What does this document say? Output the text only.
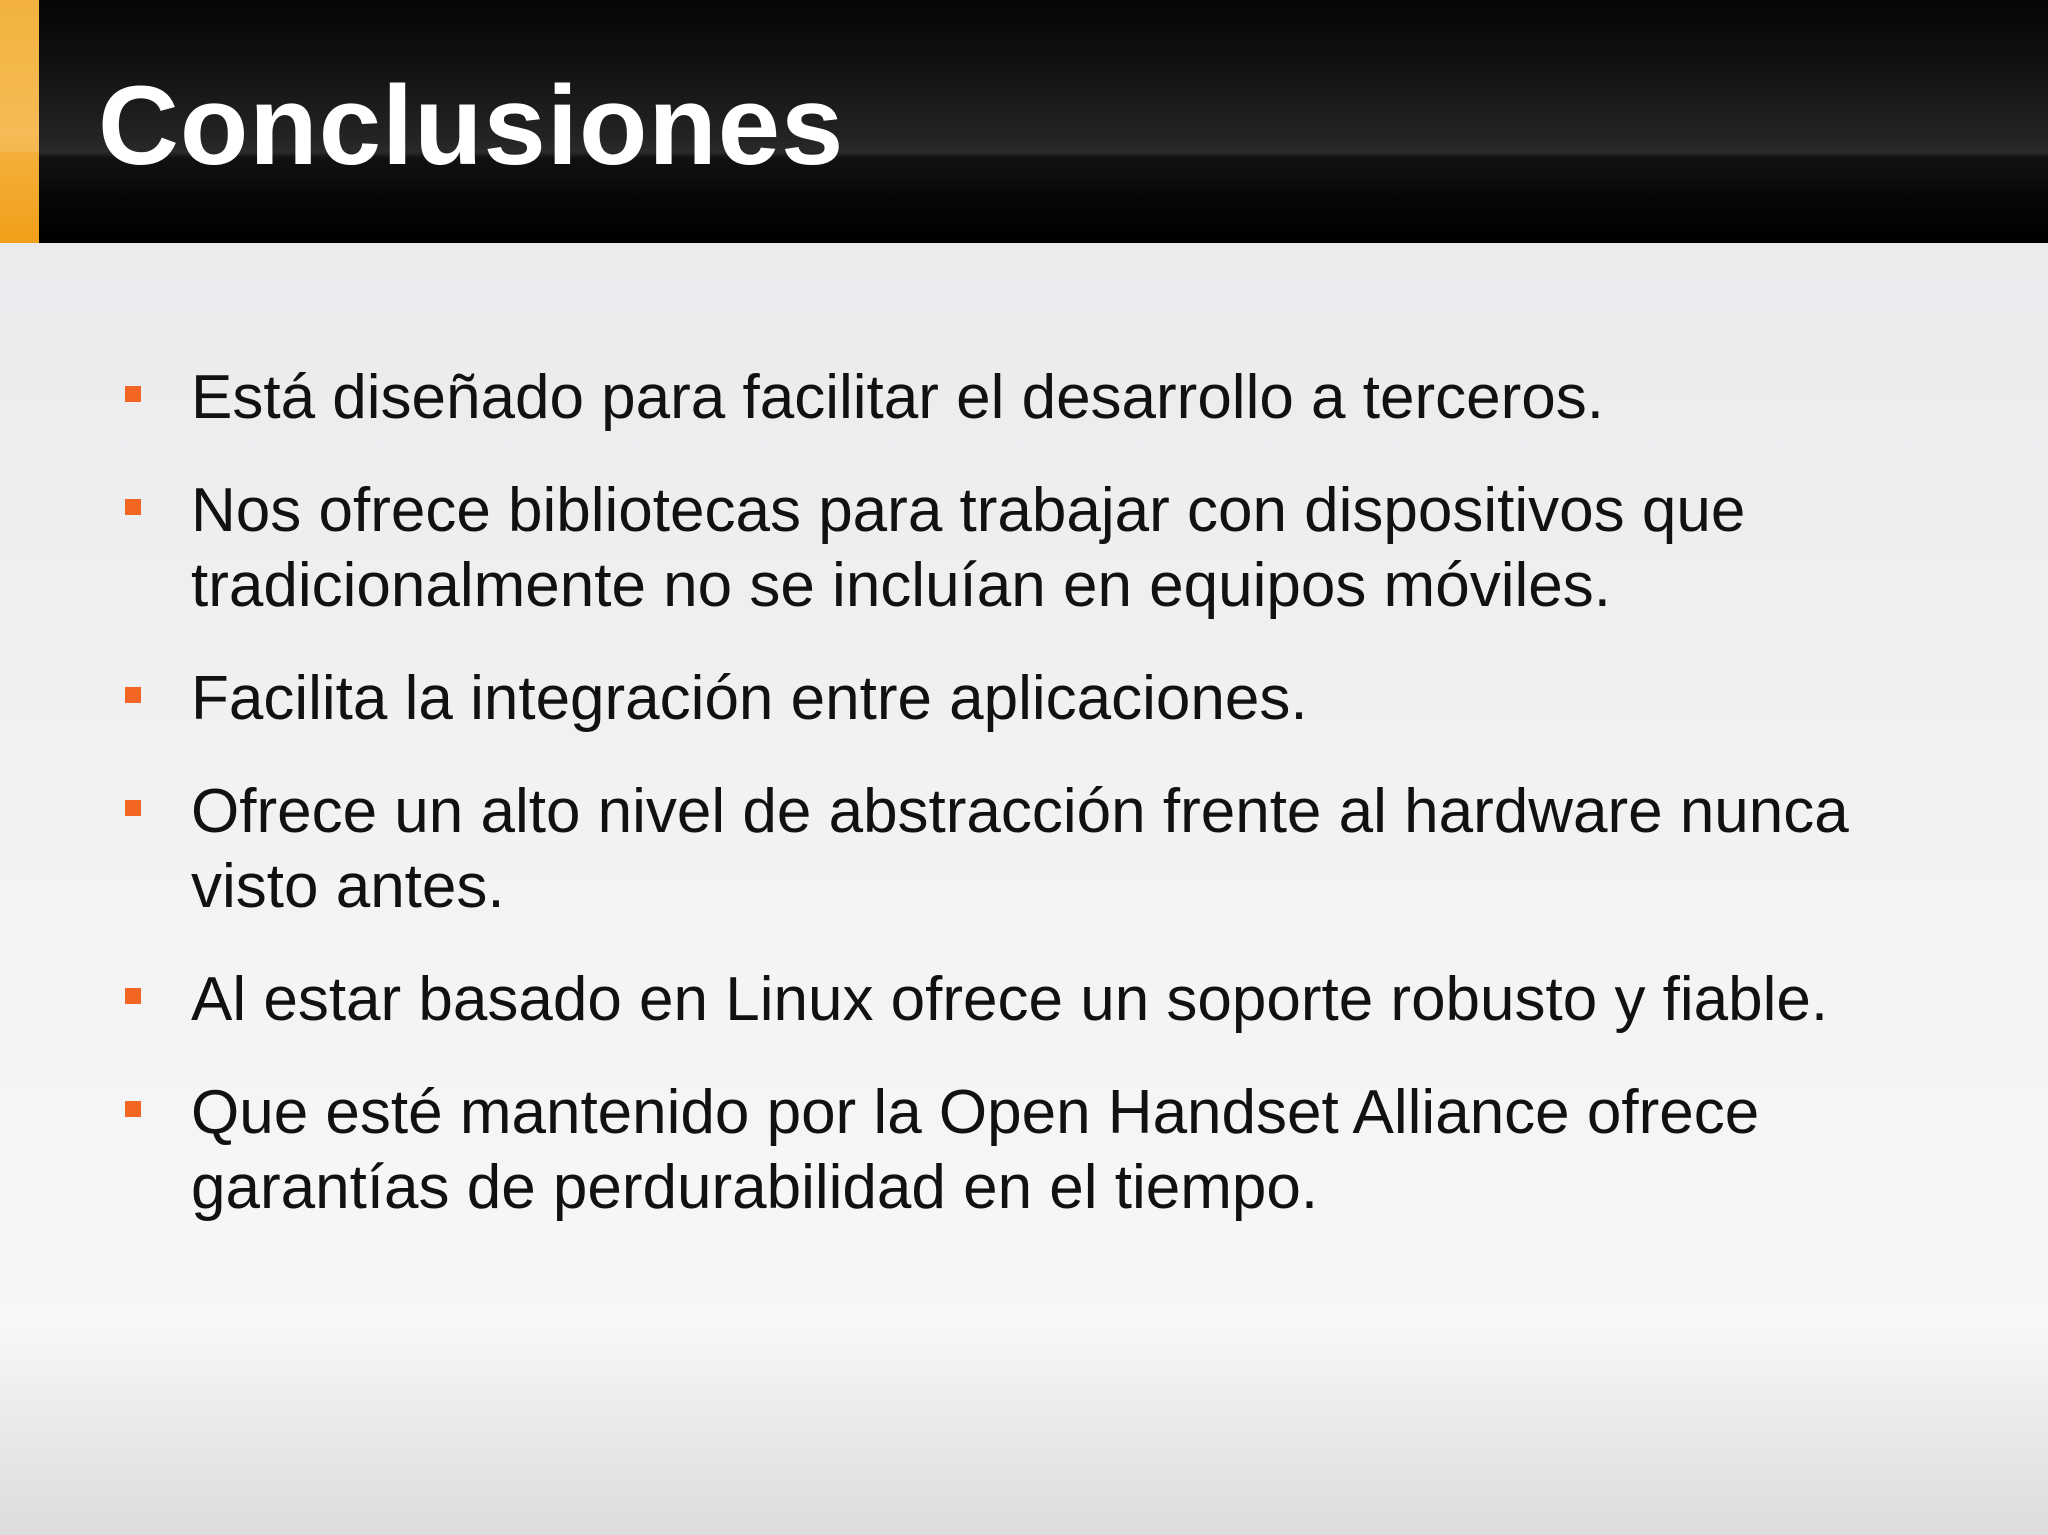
Conclusiones
Está diseñado para facilitar el desarrollo a terceros.
Nos ofrece bibliotecas para trabajar con dispositivos que tradicionalmente no se incluían en equipos móviles.
Facilita la integración entre aplicaciones.
Ofrece un alto nivel de abstracción frente al hardware nunca visto antes.
Al estar basado en Linux ofrece un soporte robusto y fiable.
Que esté mantenido por la Open Handset Alliance ofrece garantías de perdurabilidad en el tiempo.
